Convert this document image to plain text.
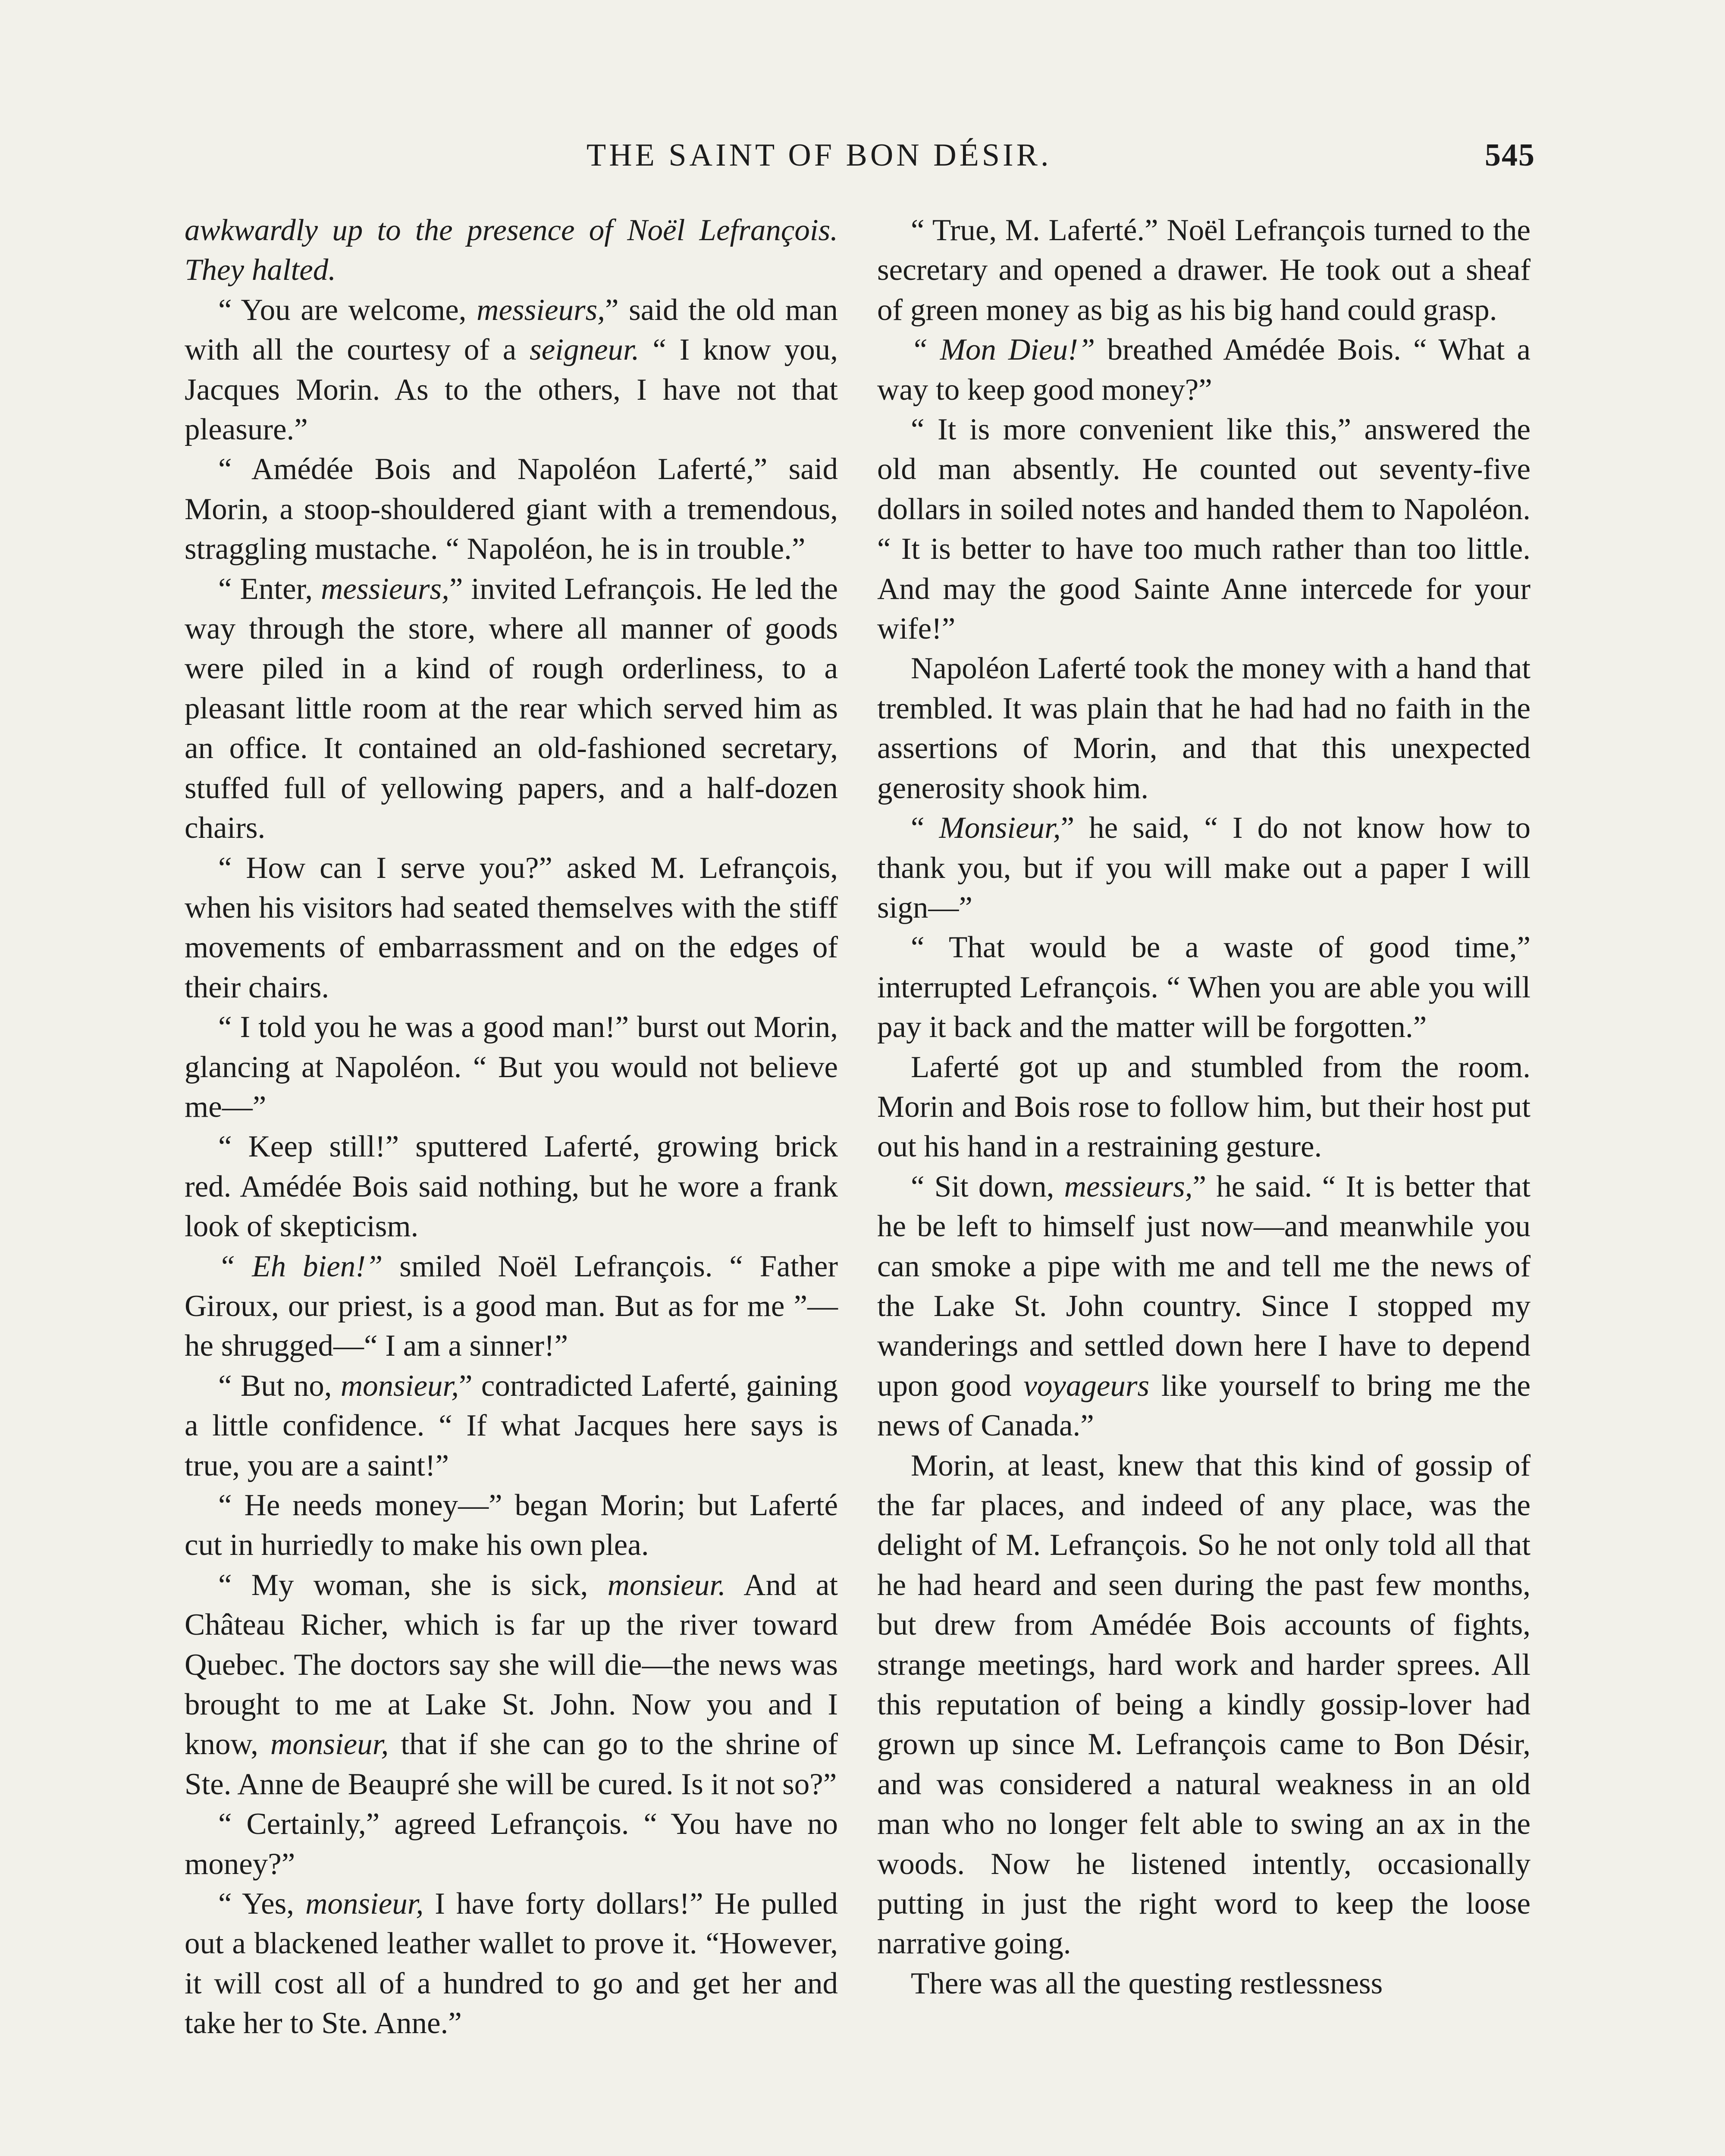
THE SAINT OF BON DÉSIR.	545

awkwardly up to the presence of Noël Lefrançois. They halted.

“ You are welcome, messieurs,” said the old man with all the courtesy of a seigneur. “ I know you, Jacques Morin. As to the others, I have not that pleasure.”

“ Amédée Bois and Napoléon Laferté,” said Morin, a stoop-shouldered giant with a tremendous, straggling mustache. “ Napoléon, he is in trouble.”

“ Enter, messieurs,” invited Lefrançois. He led the way through the store, where all manner of goods were piled in a kind of rough orderliness, to a pleasant little room at the rear which served him as an office. It contained an old-fashioned secretary, stuffed full of yellowing papers, and a half-dozen chairs.

“ How can I serve you?” asked M. Lefrançois, when his visitors had seated themselves with the stiff movements of embarrassment and on the edges of their chairs.

“ I told you he was a good man!” burst out Morin, glancing at Napoléon. “ But you would not believe me—”

“ Keep still!” sputtered Laferté, growing brick red. Amédée Bois said nothing, but he wore a frank look of skepticism.

“ Eh bien!” smiled Noël Lefrançois. “ Father Giroux, our priest, is a good man. But as for me ”—he shrugged—“ I am a sinner!”

“ But no, monsieur,” contradicted Laferté, gaining a little confidence. “ If what Jacques here says is true, you are a saint!”

“ He needs money—” began Morin; but Laferté cut in hurriedly to make his own plea.

“ My woman, she is sick, monsieur. And at Château Richer, which is far up the river toward Quebec. The doctors say she will die—the news was brought to me at Lake St. John. Now you and I know, monsieur, that if she can go to the shrine of Ste. Anne de Beaupré she will be cured. Is it not so?”

“ Certainly,” agreed Lefrançois. “ You have no money?”

“ Yes, monsieur, I have forty dollars!” He pulled out a blackened leather wallet to prove it. “However, it will cost all of a hundred to go and get her and take her to Ste. Anne.”

“ True, M. Laferté.” Noël Lefrançois turned to the secretary and opened a drawer. He took out a sheaf of green money as big as his big hand could grasp.

“ Mon Dieu!” breathed Amédée Bois. “ What a way to keep good money?”

“ It is more convenient like this,” answered the old man absently. He counted out seventy-five dollars in soiled notes and handed them to Napoléon. “ It is better to have too much rather than too little. And may the good Sainte Anne intercede for your wife!”

Napoléon Laferté took the money with a hand that trembled. It was plain that he had had no faith in the assertions of Morin, and that this unexpected generosity shook him.

“ Monsieur,” he said, “ I do not know how to thank you, but if you will make out a paper I will sign—”

“ That would be a waste of good time,” interrupted Lefrançois. “ When you are able you will pay it back and the matter will be forgotten.”

Laferté got up and stumbled from the room. Morin and Bois rose to follow him, but their host put out his hand in a restraining gesture.

“ Sit down, messieurs,” he said. “ It is better that he be left to himself just now—and meanwhile you can smoke a pipe with me and tell me the news of the Lake St. John country. Since I stopped my wanderings and settled down here I have to depend upon good voyageurs like yourself to bring me the news of Canada.”

Morin, at least, knew that this kind of gossip of the far places, and indeed of any place, was the delight of M. Lefrançois. So he not only told all that he had heard and seen during the past few months, but drew from Amédée Bois accounts of fights, strange meetings, hard work and harder sprees. All this reputation of being a kindly gossip-lover had grown up since M. Lefrançois came to Bon Désir, and was considered a natural weakness in an old man who no longer felt able to swing an ax in the woods. Now he listened intently, occasionally putting in just the right word to keep the loose narrative going.

There was all the questing restlessness
